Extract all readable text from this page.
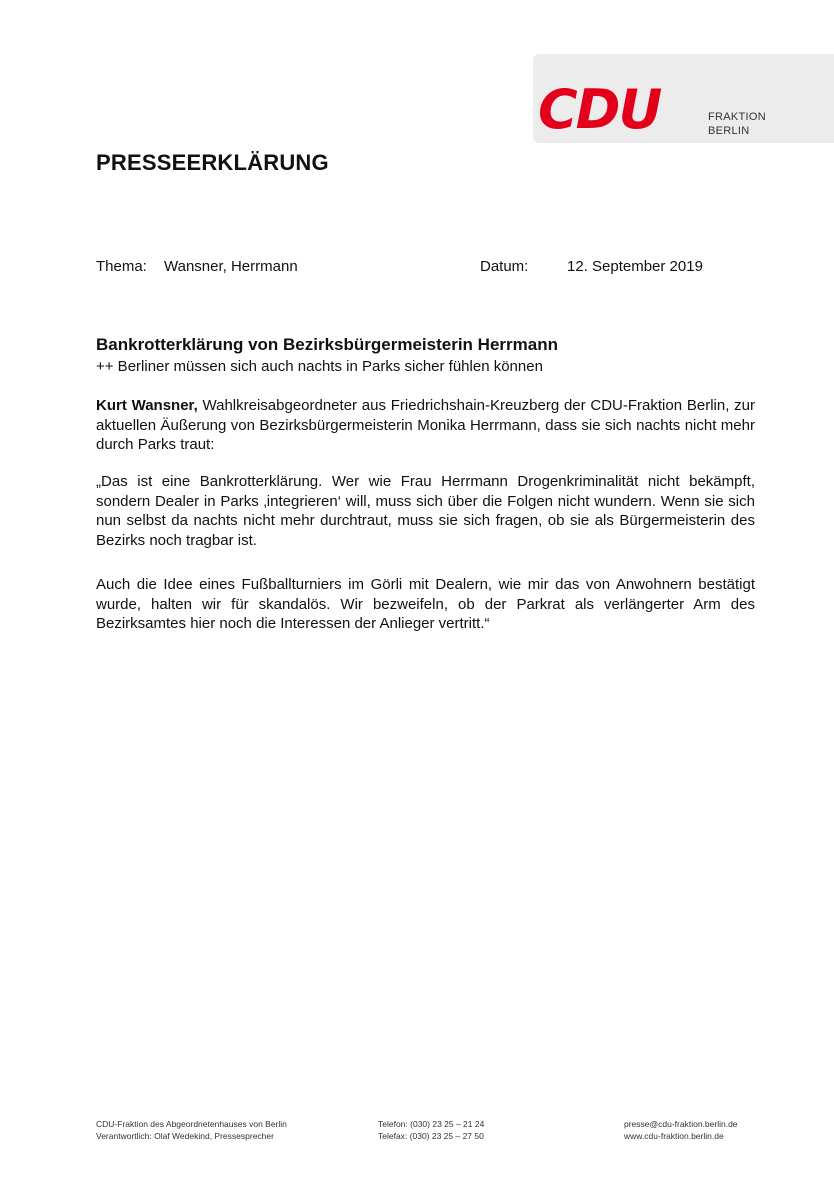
CDU	FRAKTION
BERLIN
PRESSEERKLÄRUNG
Thema: Wansner, Herrmann	Datum:	12. September 2019
Bankrotterklärung von Bezirksbürgermeisterin Herrmann
++ Berliner müssen sich auch nachts in Parks sicher fühlen können

Kurt Wansner, Wahlkreisabgeordneter aus Friedrichshain-Kreuzberg der CDU-Fraktion Berlin, zur aktuellen Äußerung von Bezirksbürgermeisterin Monika Herrmann, dass sie sich nachts nicht mehr durch Parks traut:

„Das ist eine Bankrotterklärung. Wer wie Frau Herrmann Drogenkriminalität nicht bekämpft, sondern Dealer in Parks ‚integrieren‘ will, muss sich über die Folgen nicht wundern. Wenn sie sich nun selbst da nachts nicht mehr durchtraut, muss sie sich fragen, ob sie als Bürgermeisterin des Bezirks noch tragbar ist.

Auch die Idee eines Fußballturniers im Görli mit Dealern, wie mir das von Anwohnern bestätigt wurde, halten wir für skandalös. Wir bezweifeln, ob der Parkrat als verlängerter Arm des Bezirksamtes hier noch die Interessen der Anlieger vertritt.“

CDU-Fraktion des Abgeordnetenhauses von Berlin
Verantwortlich: Olaf Wedekind, Pressesprecher
Telefon: (030) 23 25 – 21 24
Telefax: (030) 23 25 – 27 50
presse@cdu-fraktion.berlin.de
www.cdu-fraktion.berlin.de
